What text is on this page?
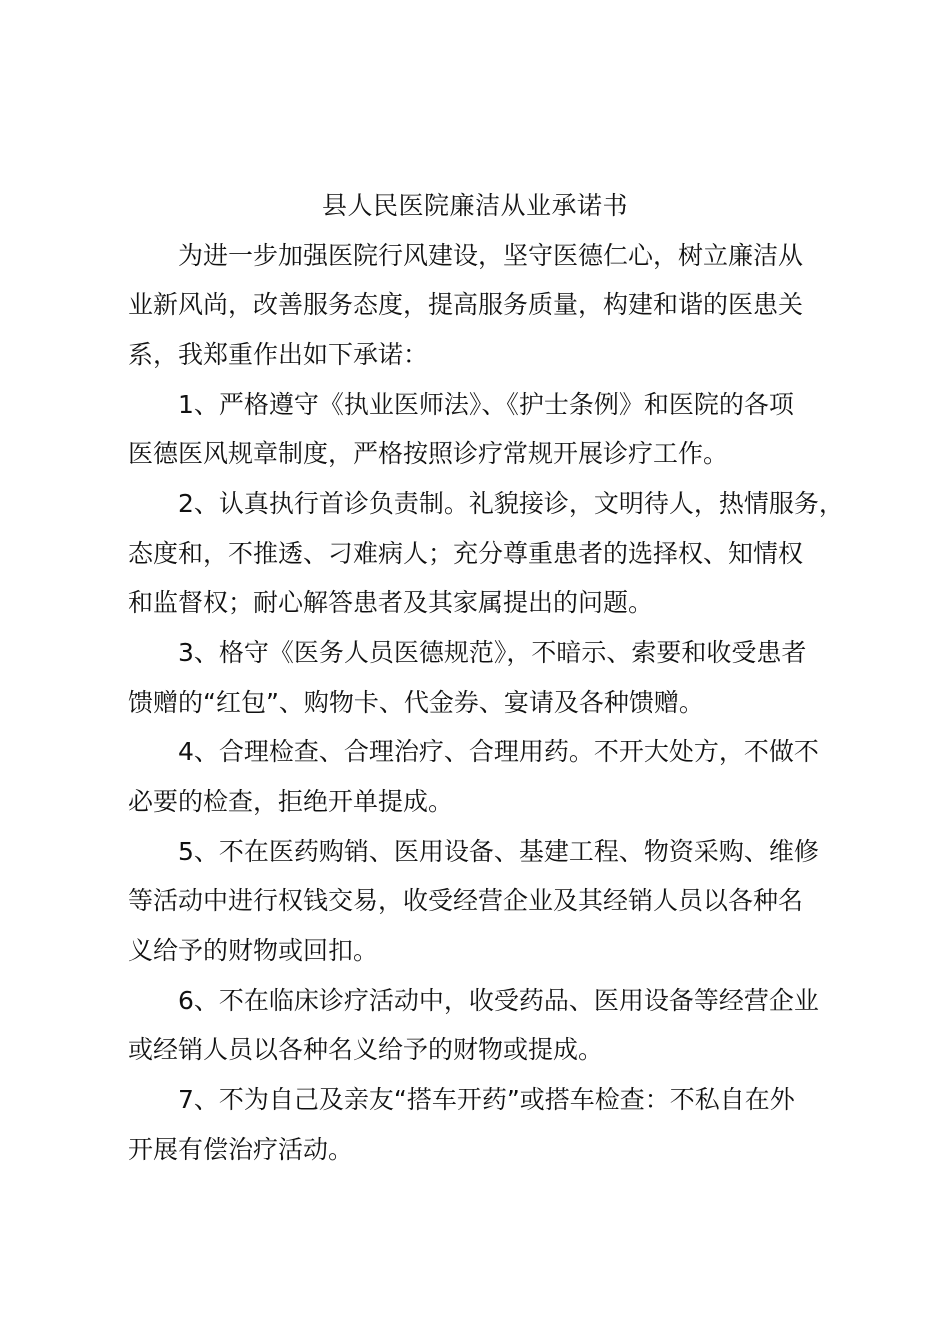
县人民医院廉洁从业承诺书
为进一步加强医院行风建设，坚守医德仁心，树立廉洁从
业新风尚，改善服务态度，提高服务质量，构建和谐的医患关
系，我郑重作出如下承诺：
1、严格遵守《执业医师法》、《护士条例》和医院的各项
医德医风规章制度，严格按照诊疗常规开展诊疗工作。
2、认真执行首诊负责制。礼貌接诊，文明待人，热情服务，
态度和，不推透、刁难病人；充分尊重患者的选择权、知情权
和监督权；耐心解答患者及其家属提出的问题。
3、格守《医务人员医德规范》，不暗示、索要和收受患者
馈赠的“红包”、购物卡、代金券、宴请及各种馈赠。
4、合理检查、合理治疗、合理用药。不开大处方，不做不
必要的检查，拒绝开单提成。
5、不在医药购销、医用设备、基建工程、物资采购、维修
等活动中进行权钱交易，收受经营企业及其经销人员以各种名
义给予的财物或回扣。
6、不在临床诊疗活动中，收受药品、医用设备等经营企业
或经销人员以各种名义给予的财物或提成。
7、不为自己及亲友“搭车开药”或搭车检查：不私自在外
开展有偿治疗活动。
